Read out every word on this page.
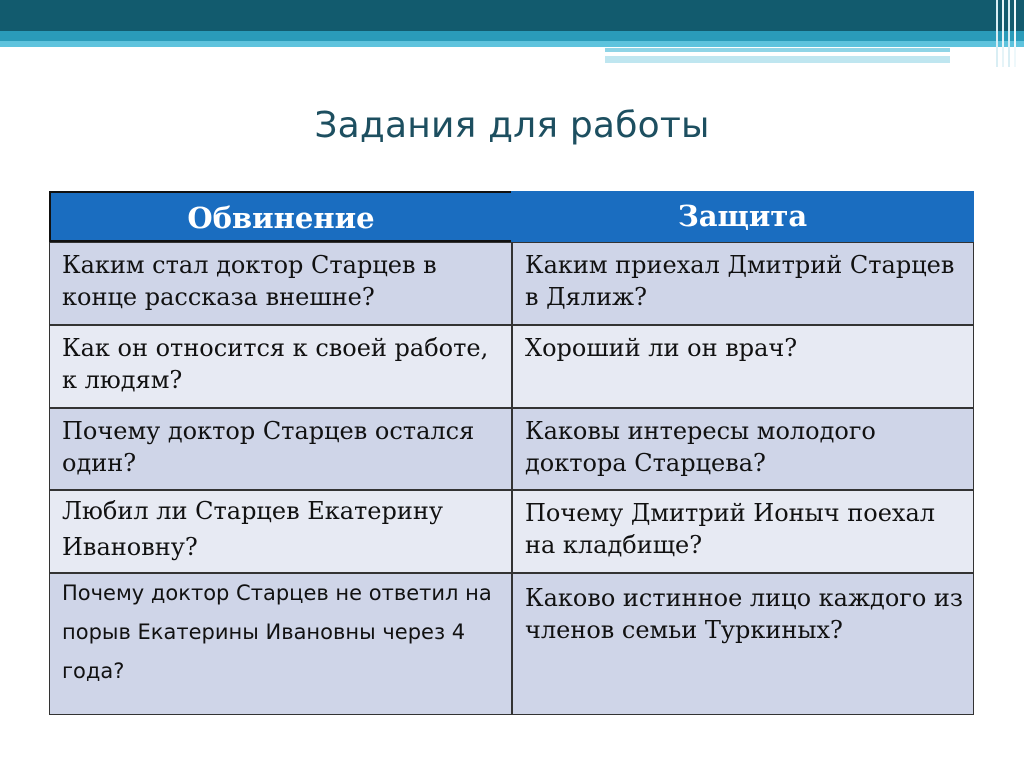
Задания для работы
Обвинение	Защита
Каким стал доктор Старцев в конце рассказа внешне?
Каким приехал Дмитрий Старцев в Дялиж?
Как он относится к своей работе, к людям?
Хороший ли он врач?
Почему доктор Старцев остался один?
Каковы интересы молодого доктора Старцева?
Любил ли Старцев Екатерину Ивановну?
Почему Дмитрий Ионыч поехал на кладбище?
Почему доктор Старцев не ответил на порыв Екатерины Ивановны через 4 года?
Каково истинное лицо каждого из членов семьи Туркиных?
